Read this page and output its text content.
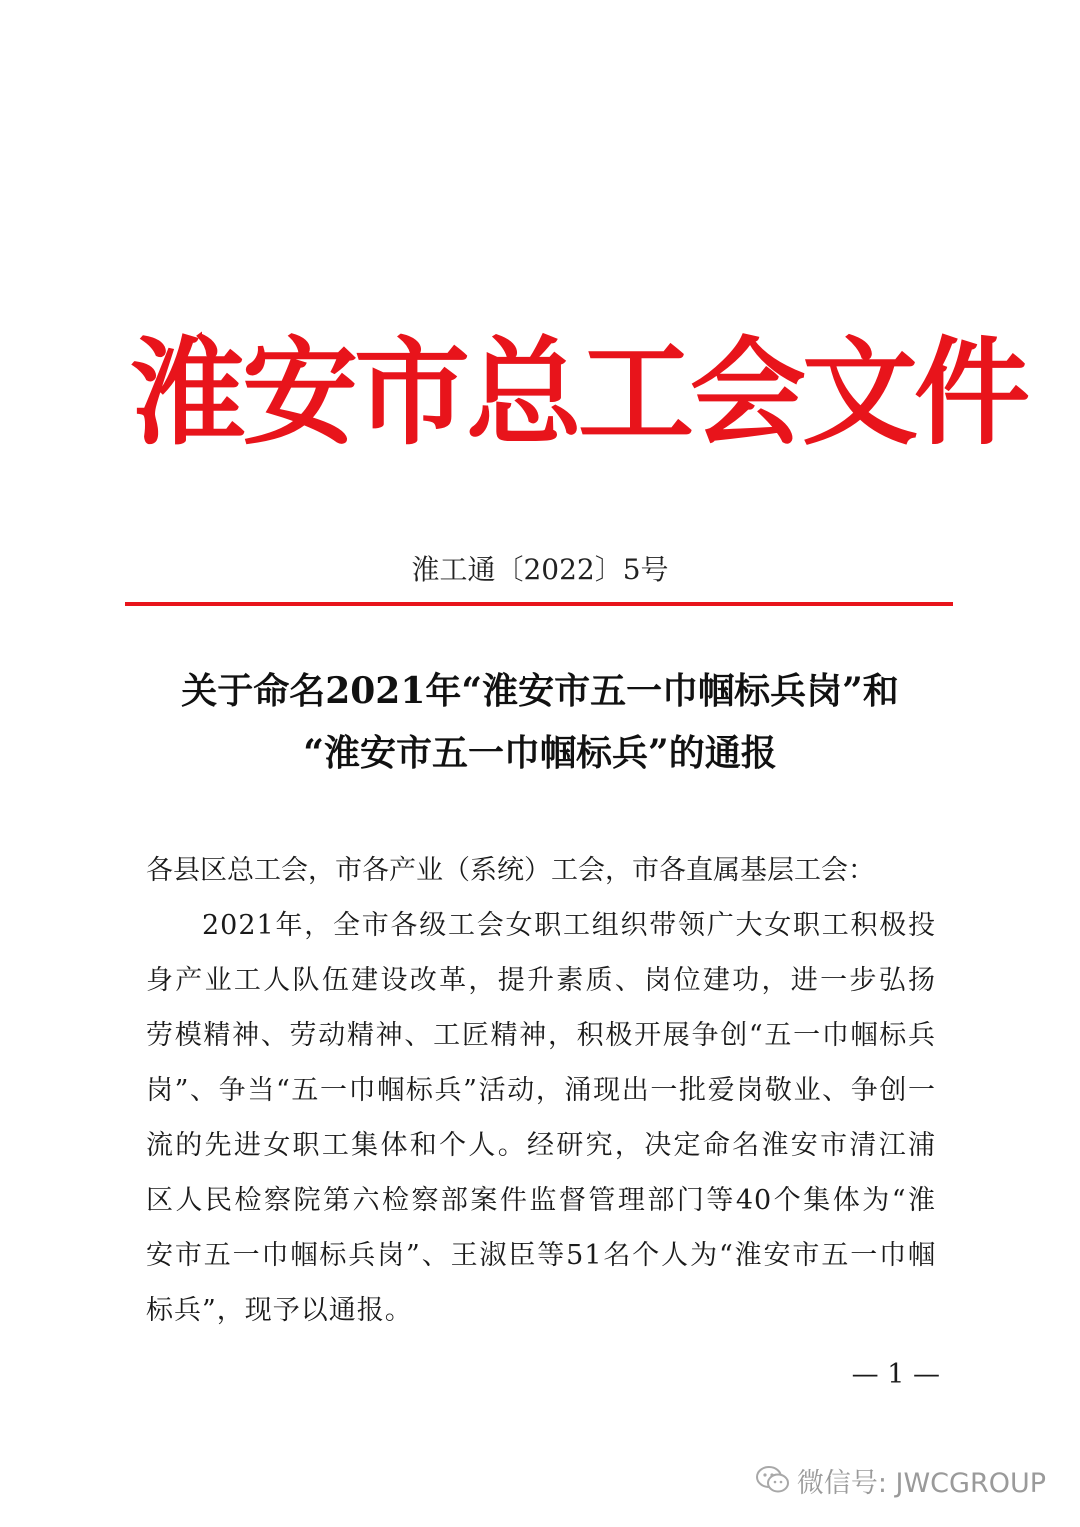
淮安市总工会文件
淮工通〔2022〕5号
关于命名2021年“淮安市五一巾帼标兵岗”和
“淮安市五一巾帼标兵”的通报
各县区总工会，市各产业（系统）工会，市各直属基层工会：
2021年，全市各级工会女职工组织带领广大女职工积极投
身产业工人队伍建设改革，提升素质、岗位建功，进一步弘扬
劳模精神、劳动精神、工匠精神，积极开展争创“五一巾帼标兵
岗”、争当“五一巾帼标兵”活动，涌现出一批爱岗敬业、争创一
流的先进女职工集体和个人。经研究，决定命名淮安市清江浦
区人民检察院第六检察部案件监督管理部门等40个集体为“淮
安市五一巾帼标兵岗”、王淑臣等51名个人为“淮安市五一巾帼
标兵”，现予以通报。
— 1 —
微信号: JWCGROUP
